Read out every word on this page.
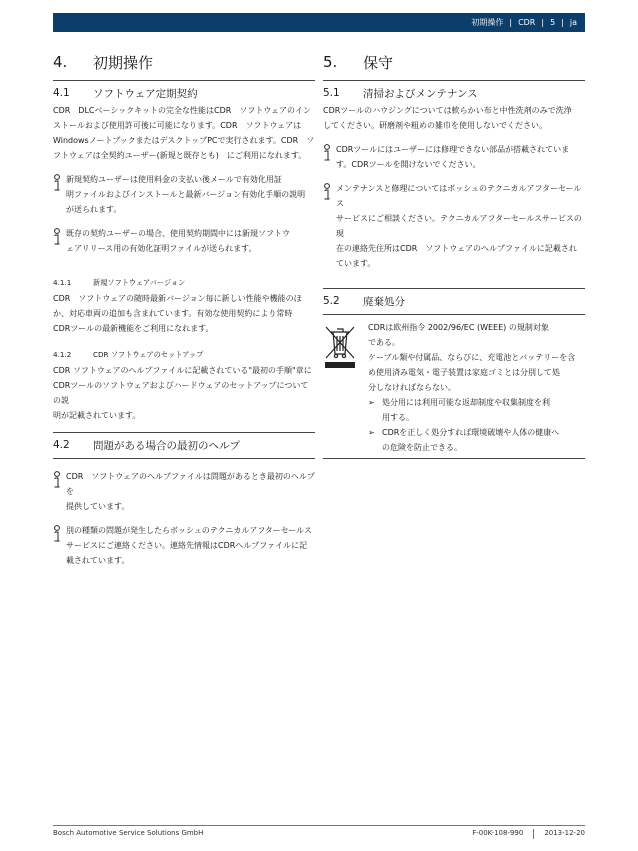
初期操作 | CDR | 5 | ja
4. 初期操作
4.1	ソフトウェア定期契約

CDR　DLCベーシックキットの完全な性能はCDR　ソフトウェアのイン
ストールおよび使用許可後に可能になります。CDR　ソフトウェアは
WindowsノートブックまたはデスクトップPCで実行されます。CDR　ソ
フトウェアは全契約ユーザー(新規と既存とも)　にご利用になれます。

新規契約ユーザーは使用料金の支払い後メールで有効化用証
明ファイルおよびインストールと最新バージョン有効化手順の説明
が送られます。
既存の契約ユーザーの場合、使用契約期間中には新規ソフトウ
ェアリリース用の有効化証明ファイルが送られます。
4.1.1	新規ソフトウェアバージョン

CDR　ソフトウェアの随時最新バージョン毎に新しい性能や機能のほ
か、対応車両の追加も含まれています。有効な使用契約により常時
CDRツールの最新機能をご利用になれます。

4.1.2	CDR ソフトウェアのセットアップ

CDR ソフトウェアのヘルプファイルに記載されている"最初の手順"章に
CDRツールのソフトウェアおよびハードウェアのセットアップについての説
明が記載されています。

4.2	問題がある場合の最初のヘルプ
CDR　ソフトウェアのヘルプファイルは問題があるとき最初のヘルプを
提供しています。
別の種類の問題が発生したらボッシュのテクニカルアフターセールス
サービスにご連絡ください。連絡先情報はCDRヘルプファイルに記
載されています。
5. 保守
5.1	清掃およびメンテナンス

CDRツールのハウジングについては軟らかい布と中性洗剤のみで洗浄
してください。研磨剤や粗めの雑巾を使用しないでください。

CDRツールにはユーザーには修理できない部品が搭載されていま
す。CDRツールを開けないでください。
メンテナンスと修理についてはボッシュのテクニカルアフターセールス
サービスにご相談ください。テクニカルアフターセールスサービスの現
在の連絡先住所はCDR　ソフトウェアのヘルプファイルに記載され
ています。
5.2	廃棄処分
CDRは欧州指令 2002/96/EC (WEEE) の規制対象
である。
ケーブル類や付属品、ならびに、充電池とバッテリーを含
め使用済み電気・電子装置は家庭ゴミとは分別して処
分しなければならない。
➢ 処分用には利用可能な返却制度や収集制度を利
用する。
➢ CDRを正しく処分すれば環境破壊や人体の健康へ
の危険を防止できる。
Bosch Automotive Service Solutions GmbH	F-00K-108-990	2013-12-20
